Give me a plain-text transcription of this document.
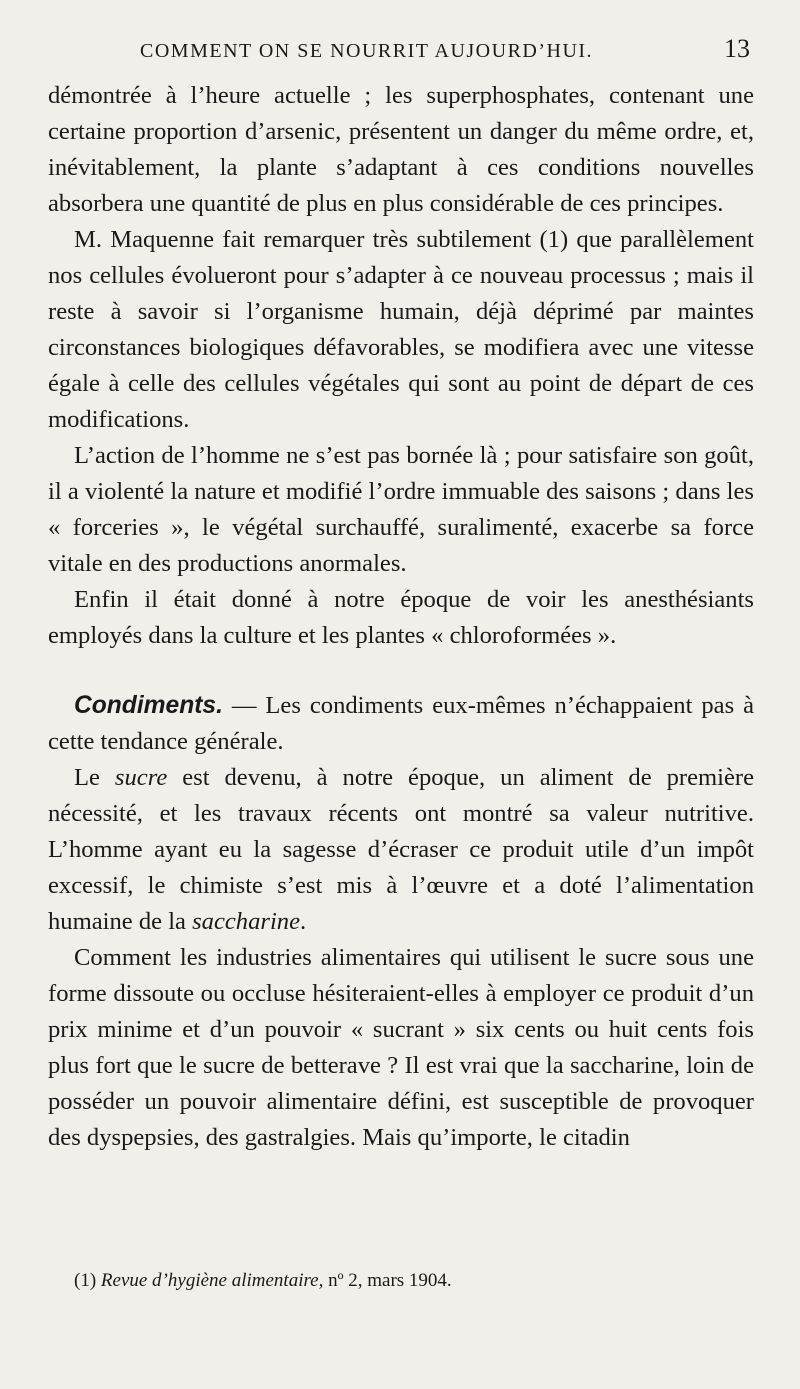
COMMENT ON SE NOURRIT AUJOURD’HUI.	13

démontrée à l’heure actuelle ; les superphosphates, contenant une certaine proportion d’arsenic, présentent un danger du même ordre, et, inévitablement, la plante s’adaptant à ces conditions nouvelles absorbera une quantité de plus en plus considérable de ces principes.

M. Maquenne fait remarquer très subtilement (1) que parallèlement nos cellules évolueront pour s’adapter à ce nouveau processus ; mais il reste à savoir si l’organisme humain, déjà déprimé par maintes circonstances biologiques défavorables, se modifiera avec une vitesse égale à celle des cellules végétales qui sont au point de départ de ces modifications.

L’action de l’homme ne s’est pas bornée là ; pour satisfaire son goût, il a violenté la nature et modifié l’ordre immuable des saisons ; dans les « forceries », le végétal surchauffé, suralimenté, exacerbe sa force vitale en des productions anormales.

Enfin il était donné à notre époque de voir les anesthésiants employés dans la culture et les plantes « chloroformées ».

Condiments. — Les condiments eux-mêmes n’échappaient pas à cette tendance générale.

Le sucre est devenu, à notre époque, un aliment de première nécessité, et les travaux récents ont montré sa valeur nutritive. L’homme ayant eu la sagesse d’écraser ce produit utile d’un impôt excessif, le chimiste s’est mis à l’œuvre et a doté l’alimentation humaine de la saccharine.

Comment les industries alimentaires qui utilisent le sucre sous une forme dissoute ou occluse hésiteraient-elles à employer ce produit d’un prix minime et d’un pouvoir « sucrant » six cents ou huit cents fois plus fort que le sucre de betterave ? Il est vrai que la saccharine, loin de posséder un pouvoir alimentaire défini, est susceptible de provoquer des dyspepsies, des gastralgies. Mais qu’importe, le citadin

(1) Revue d’hygiène alimentaire, nº 2, mars 1904.
